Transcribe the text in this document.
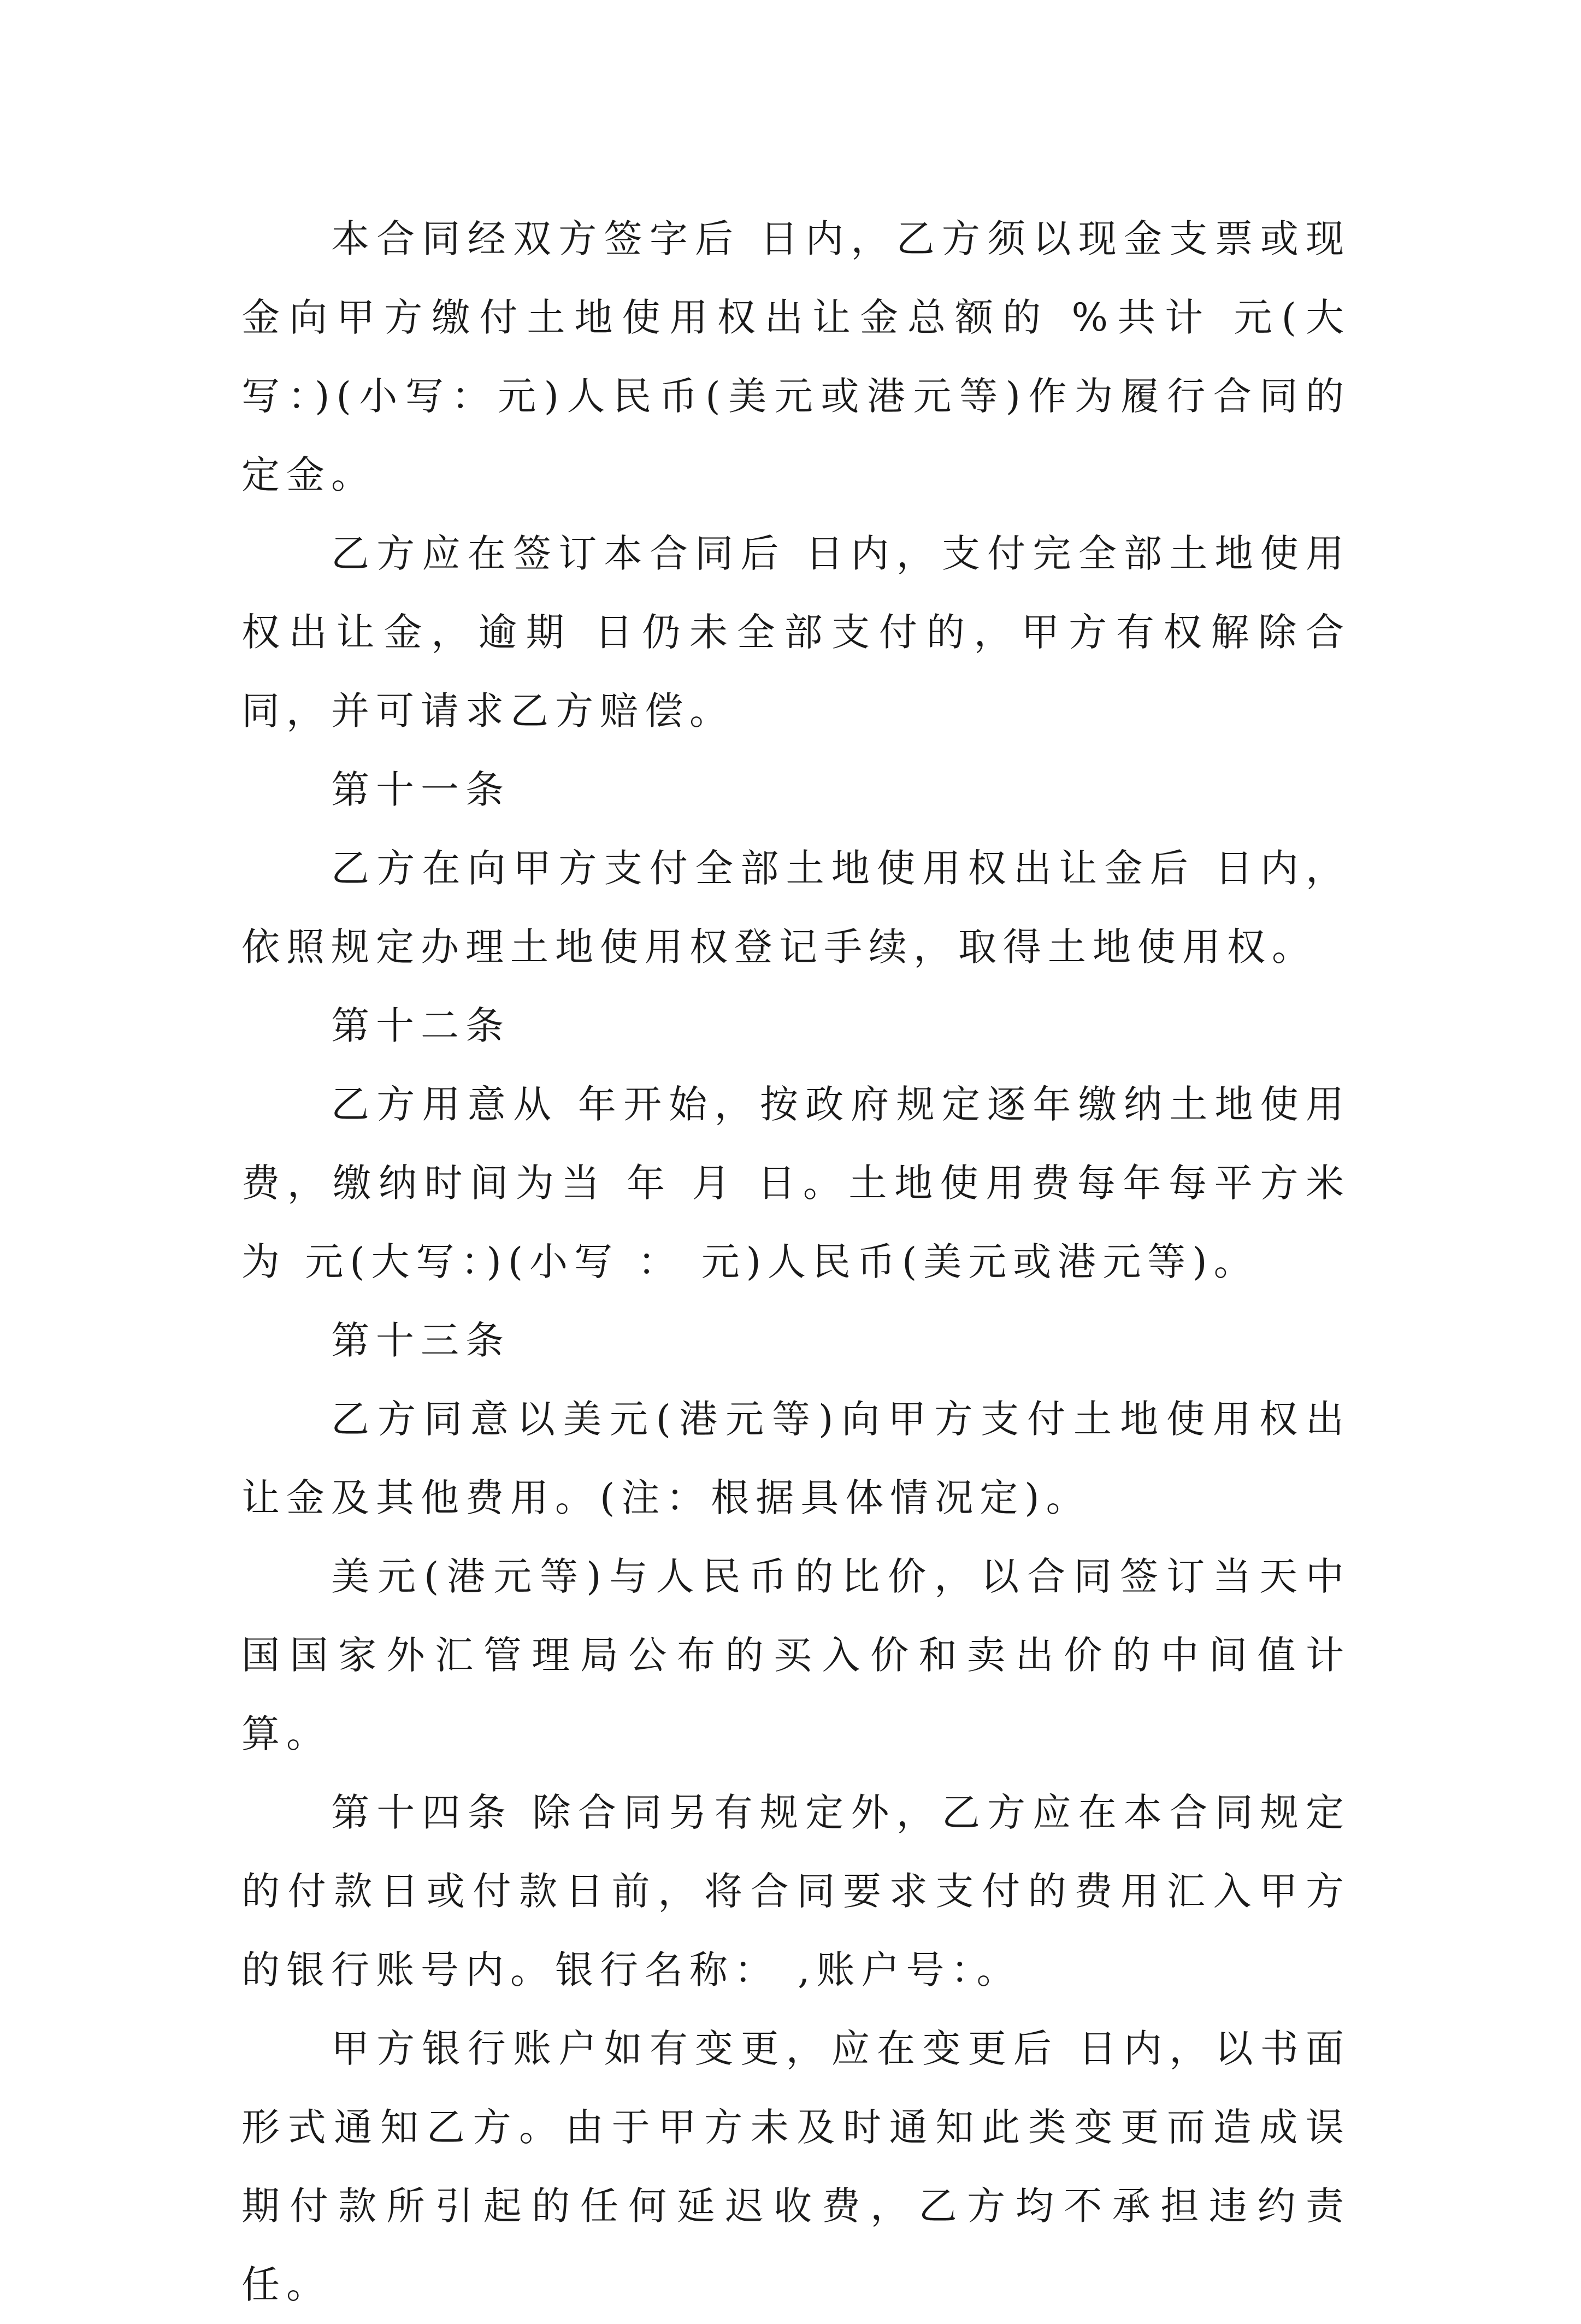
本合同经双方签字后 日内，乙方须以现金支票或现金向甲方缴付土地使用权出让金总额的 %共计 元(大写：)(小写：元)人民币(美元或港元等)作为履行合同的定金。

乙方应在签订本合同后 日内，支付完全部土地使用权出让金，逾期 日仍未全部支付的，甲方有权解除合同，并可请求乙方赔偿。

第十一条

乙方在向甲方支付全部土地使用权出让金后 日内，依照规定办理土地使用权登记手续，取得土地使用权。

第十二条

乙方用意从 年开始，按政府规定逐年缴纳土地使用费，缴纳时间为当 年 月 日。土地使用费每年每平方米为 元(大写：)(小写 ： 元)人民币(美元或港元等)。

第十三条

乙方同意以美元(港元等)向甲方支付土地使用权出让金及其他费用。(注：根据具体情况定)。

美元(港元等)与人民币的比价，以合同签订当天中国国家外汇管理局公布的买入价和卖出价的中间值计算。

第十四条 除合同另有规定外，乙方应在本合同规定的付款日或付款日前，将合同要求支付的费用汇入甲方的银行账号内。银行名称： ,账户号：。

甲方银行账户如有变更，应在变更后 日内，以书面形式通知乙方。由于甲方未及时通知此类变更而造成误期付款所引起的任何延迟收费，乙方均不承担违约责任。
